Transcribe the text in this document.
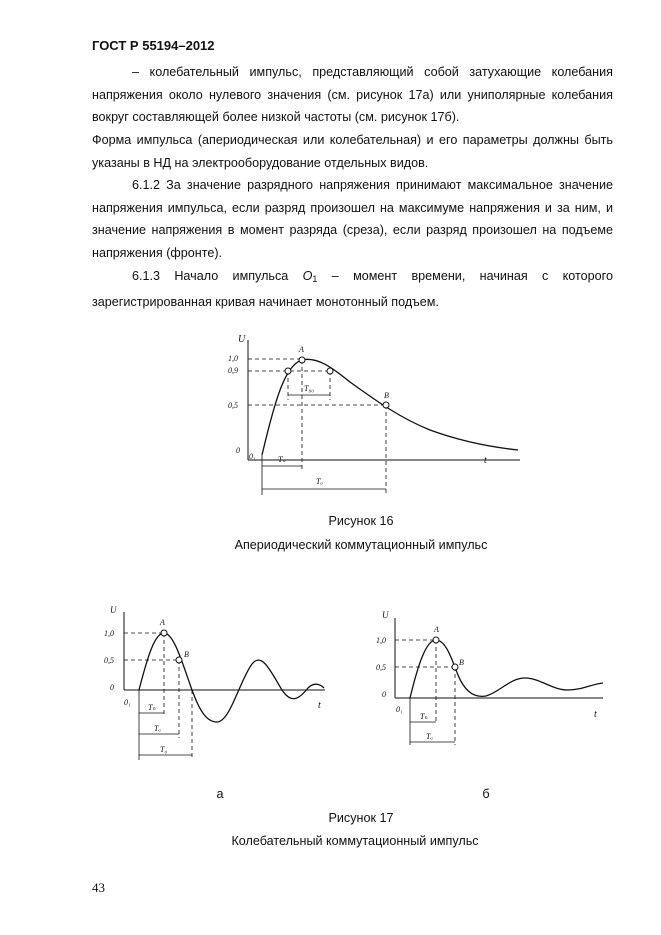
ГОСТ Р 55194–2012

– колебательный импульс, представляющий собой затухающие колебания напряжения около нулевого значения (см. рисунок 17а) или униполярные колебания вокруг составляющей более низкой частоты (см. рисунок 17б).

Форма импульса (апериодическая или колебательная) и его параметры должны быть указаны в НД на электрооборудование отдельных видов.

6.1.2 За значение разрядного напряжения принимают максимальное значение напряжения импульса, если разряд произошел на максимуме напряжения и за ним, и значение напряжения в момент разряда (среза), если разряд произошел на подъеме напряжения (фронте).

6.1.3 Начало импульса $O_1$ – момент времени, начиная с которого зарегистрированная кривая начинает монотонный подъем.

U
t
1,0
0,9
0,5
0
0₁
A
B
T₉₀
Tₙ
Tₐ

Рисунок 16

Апериодический коммутационный импульс

U
t
1,0
0,5
0
0₁
A
B
Tₙ
Tₐ
T₀
U
t
1,0
0,5
0
0₁
A
B
Tₙ
Tₐ

а	б

Рисунок 17

Колебательный коммутационный импульс

43
